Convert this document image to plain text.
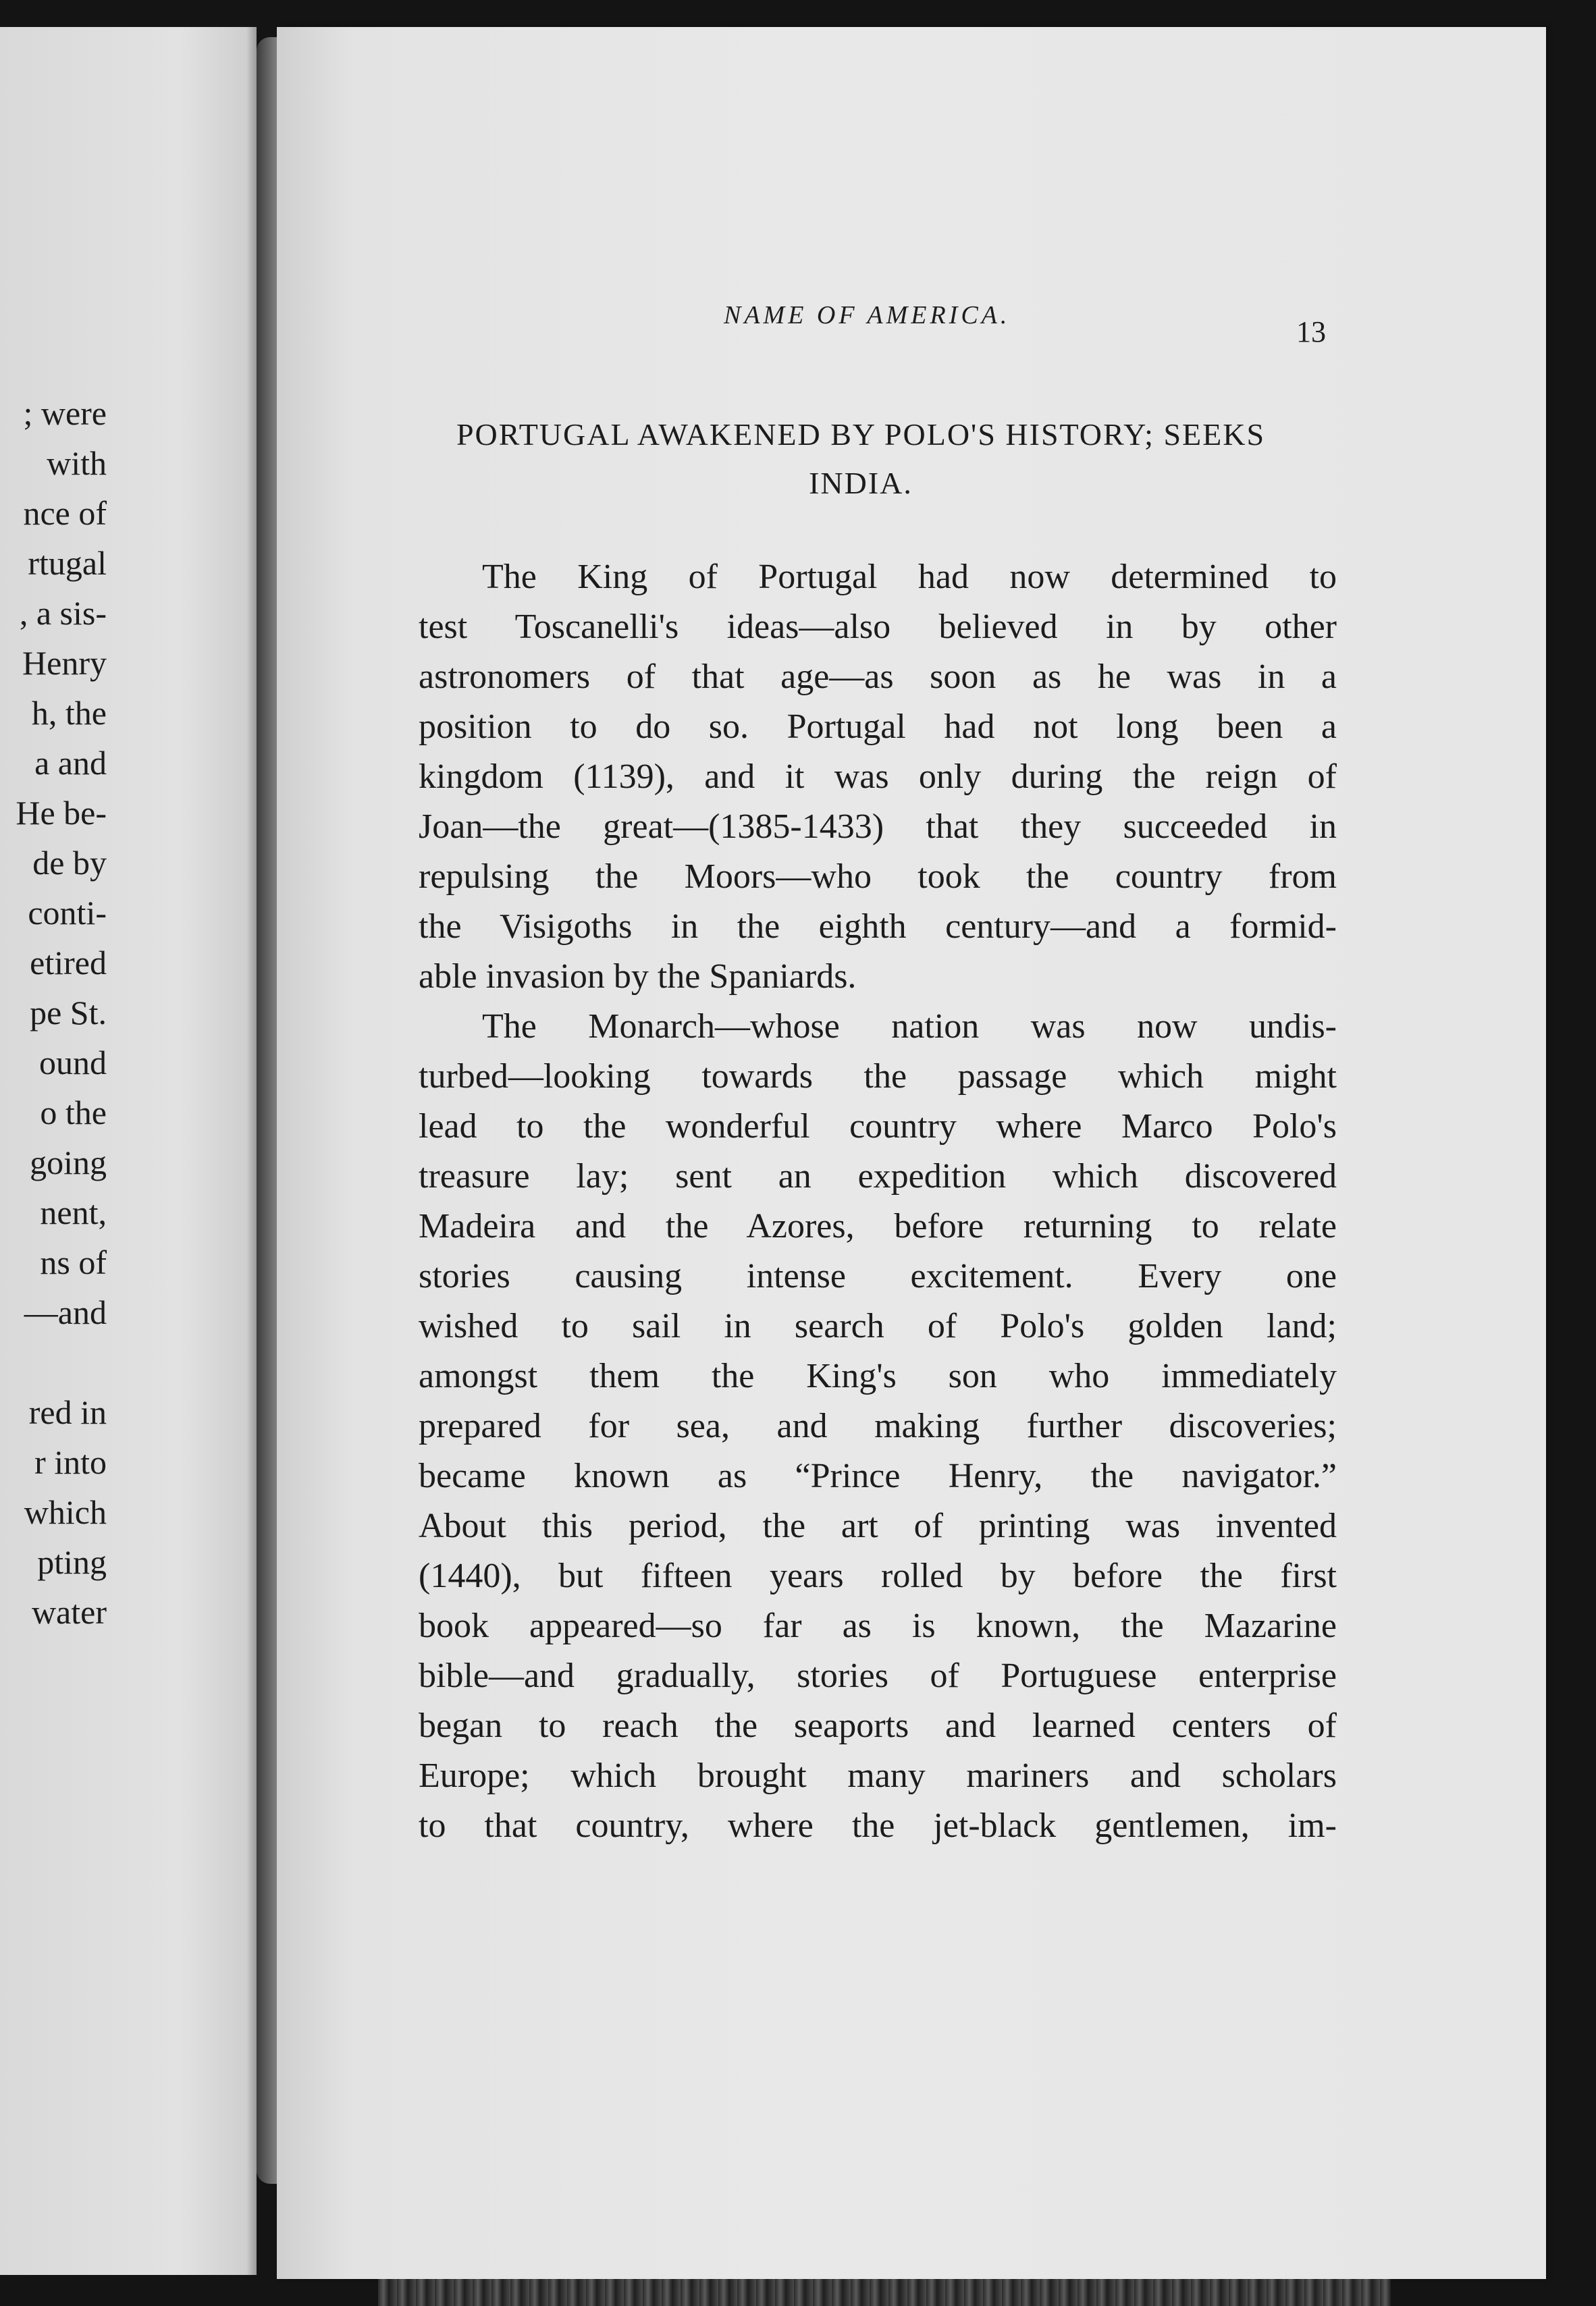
; were
with
nce of
rtugal
, a sis-
Henry
h, the
a and
He be-
de by
conti-
etired
pe St.
ound
o the
going
nent,
ns of
—and

red in
r into
which
pting
water
NAME OF AMERICA.	13
PORTUGAL AWAKENED BY POLO'S HISTORY; SEEKS
INDIA.
The King of Portugal had now determined to
test Toscanelli's ideas—also believed in by other
astronomers of that age—as soon as he was in a
position to do so. Portugal had not long been a
kingdom (1139), and it was only during the reign of
Joan—the great—(1385-1433) that they succeeded in
repulsing the Moors—who took the country from
the Visigoths in the eighth century—and a formid-
able invasion by the Spaniards.
The Monarch—whose nation was now undis-
turbed—looking towards the passage which might
lead to the wonderful country where Marco Polo's
treasure lay; sent an expedition which discovered
Madeira and the Azores, before returning to relate
stories causing intense excitement. Every one
wished to sail in search of Polo's golden land;
amongst them the King's son who immediately
prepared for sea, and making further discoveries;
became known as “Prince Henry, the navigator.”
About this period, the art of printing was invented
(1440), but fifteen years rolled by before the first
book appeared—so far as is known, the Mazarine
bible—and gradually, stories of Portuguese enterprise
began to reach the seaports and learned centers of
Europe; which brought many mariners and scholars
to that country, where the jet-black gentlemen, im-
